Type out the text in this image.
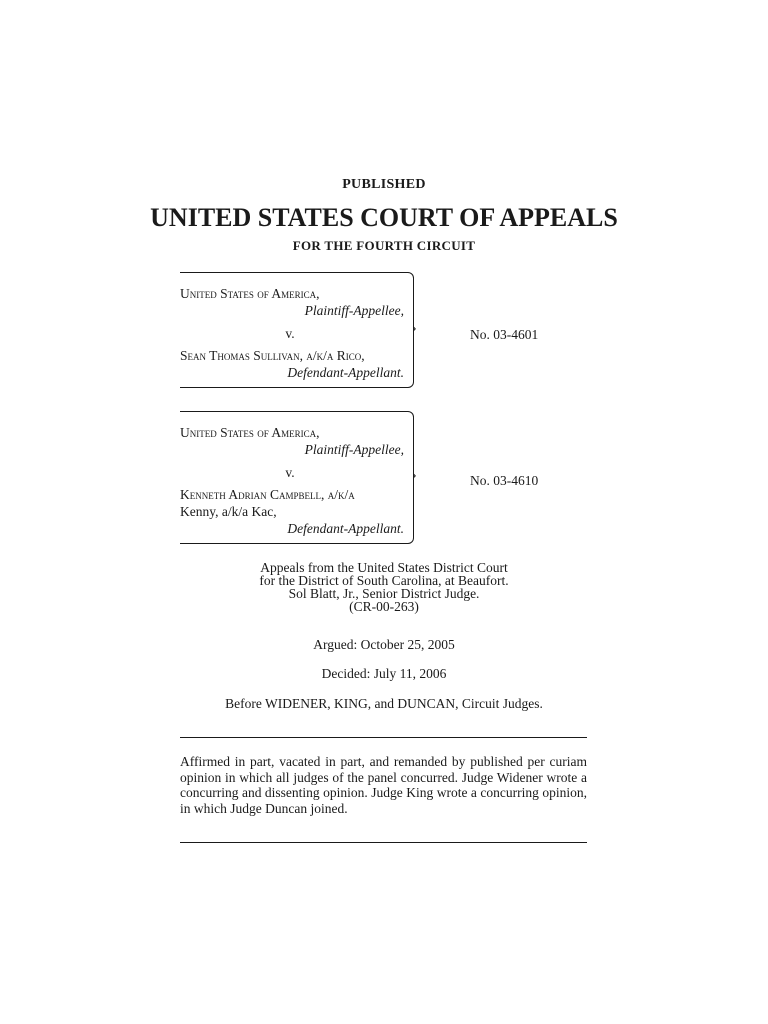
PUBLISHED
UNITED STATES COURT OF APPEALS
FOR THE FOURTH CIRCUIT
›
United States of America,
Plaintiff-Appellee,
v.
Sean Thomas Sullivan, a/k/a Rico,
Defendant-Appellant.
No. 03-4601
›
United States of America,
Plaintiff-Appellee,
v.
Kenneth Adrian Campbell, a/k/a
Kenny, a/k/a Kac,
Defendant-Appellant.
No. 03-4610
Appeals from the United States District Court
for the District of South Carolina, at Beaufort.
Sol Blatt, Jr., Senior District Judge.
(CR-00-263)
Argued: October 25, 2005
Decided: July 11, 2006
Before WIDENER, KING, and DUNCAN, Circuit Judges.
Affirmed in part, vacated in part, and remanded by published per curiam opinion in which all judges of the panel concurred. Judge Widener wrote a concurring and dissenting opinion. Judge King wrote a concurring opinion, in which Judge Duncan joined.
